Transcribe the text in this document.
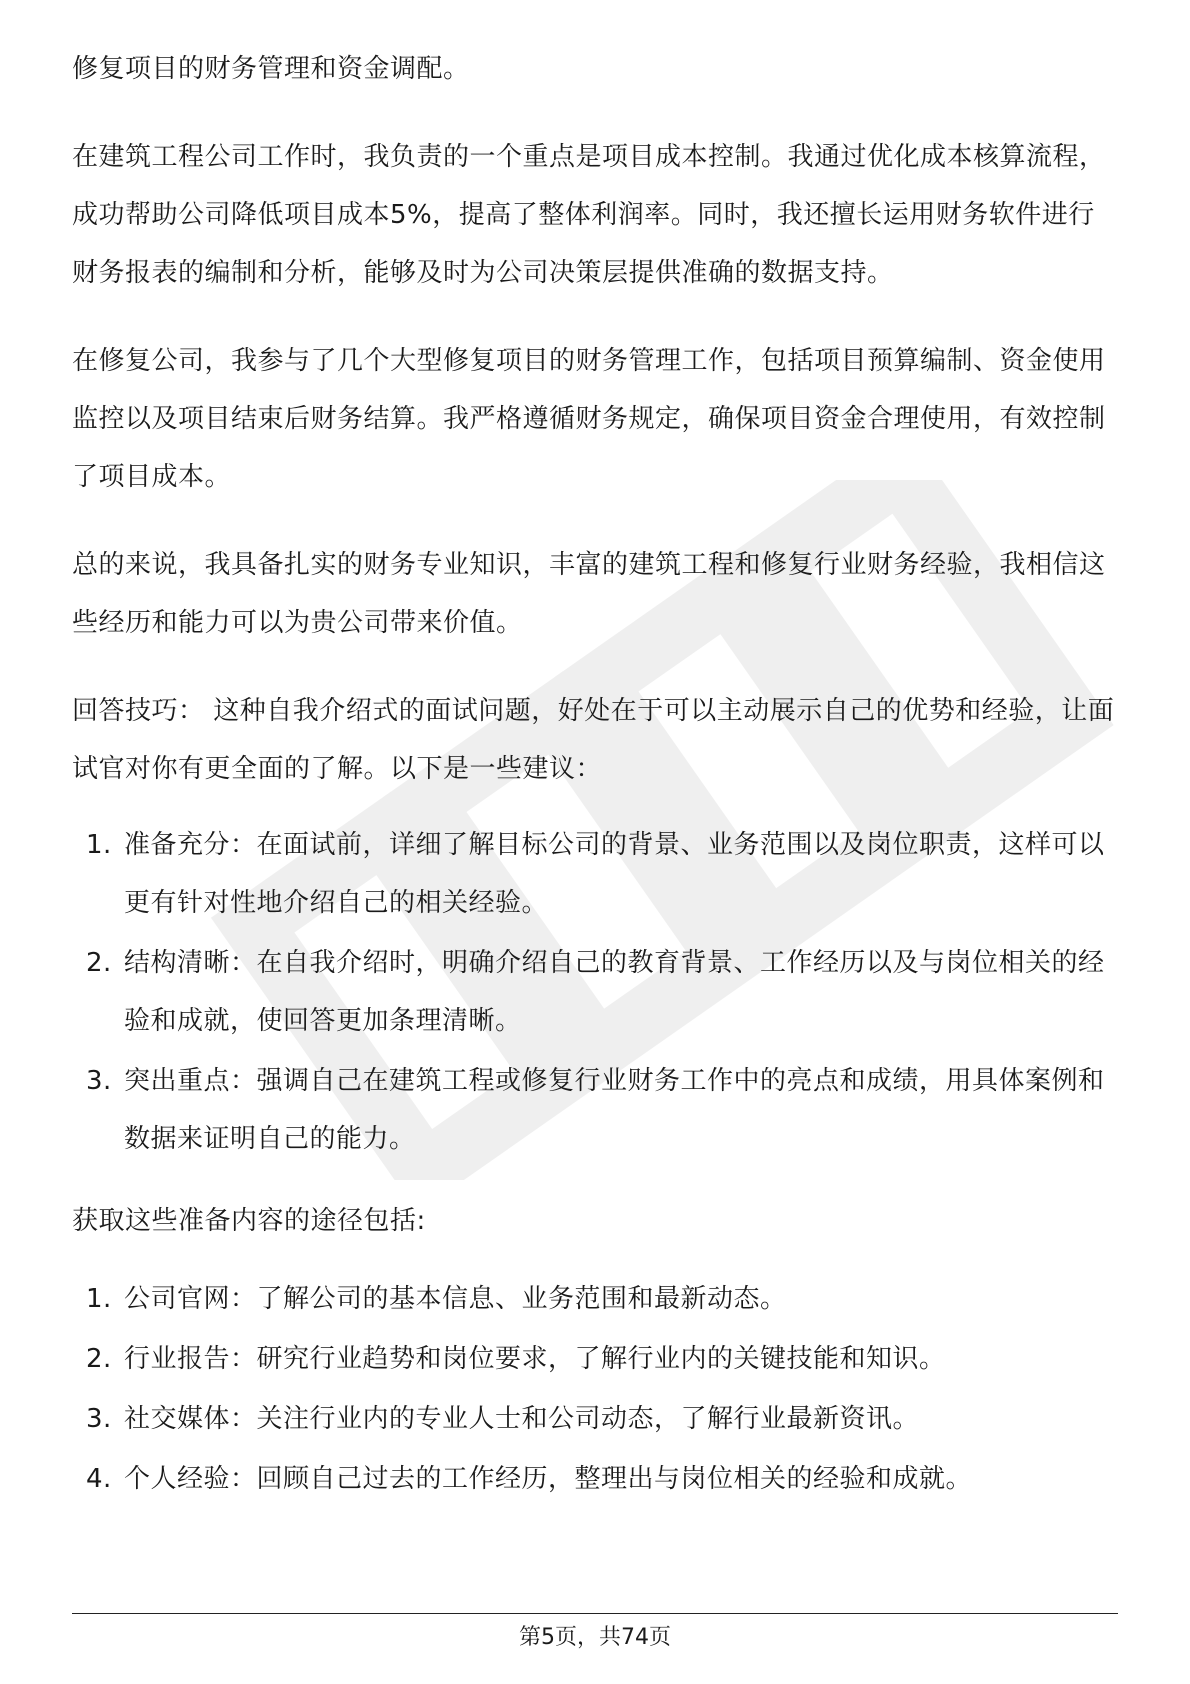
修复项目的财务管理和资金调配。

在建筑工程公司工作时，我负责的一个重点是项目成本控制。我通过优化成本核算流程，成功帮助公司降低项目成本5%，提高了整体利润率。同时，我还擅长运用财务软件进行财务报表的编制和分析，能够及时为公司决策层提供准确的数据支持。

在修复公司，我参与了几个大型修复项目的财务管理工作，包括项目预算编制、资金使用监控以及项目结束后财务结算。我严格遵循财务规定，确保项目资金合理使用，有效控制了项目成本。

总的来说，我具备扎实的财务专业知识，丰富的建筑工程和修复行业财务经验，我相信这些经历和能力可以为贵公司带来价值。

回答技巧： 这种自我介绍式的面试问题，好处在于可以主动展示自己的优势和经验，让面试官对你有更全面的了解。以下是一些建议：

1. 准备充分：在面试前，详细了解目标公司的背景、业务范围以及岗位职责，这样可以更有针对性地介绍自己的相关经验。
2. 结构清晰：在自我介绍时，明确介绍自己的教育背景、工作经历以及与岗位相关的经验和成就，使回答更加条理清晰。
3. 突出重点：强调自己在建筑工程或修复行业财务工作中的亮点和成绩，用具体案例和数据来证明自己的能力。

获取这些准备内容的途径包括:

1. 公司官网：了解公司的基本信息、业务范围和最新动态。
2. 行业报告：研究行业趋势和岗位要求，了解行业内的关键技能和知识。
3. 社交媒体：关注行业内的专业人士和公司动态，了解行业最新资讯。
4. 个人经验：回顾自己过去的工作经历，整理出与岗位相关的经验和成就。
第5页，共74页
